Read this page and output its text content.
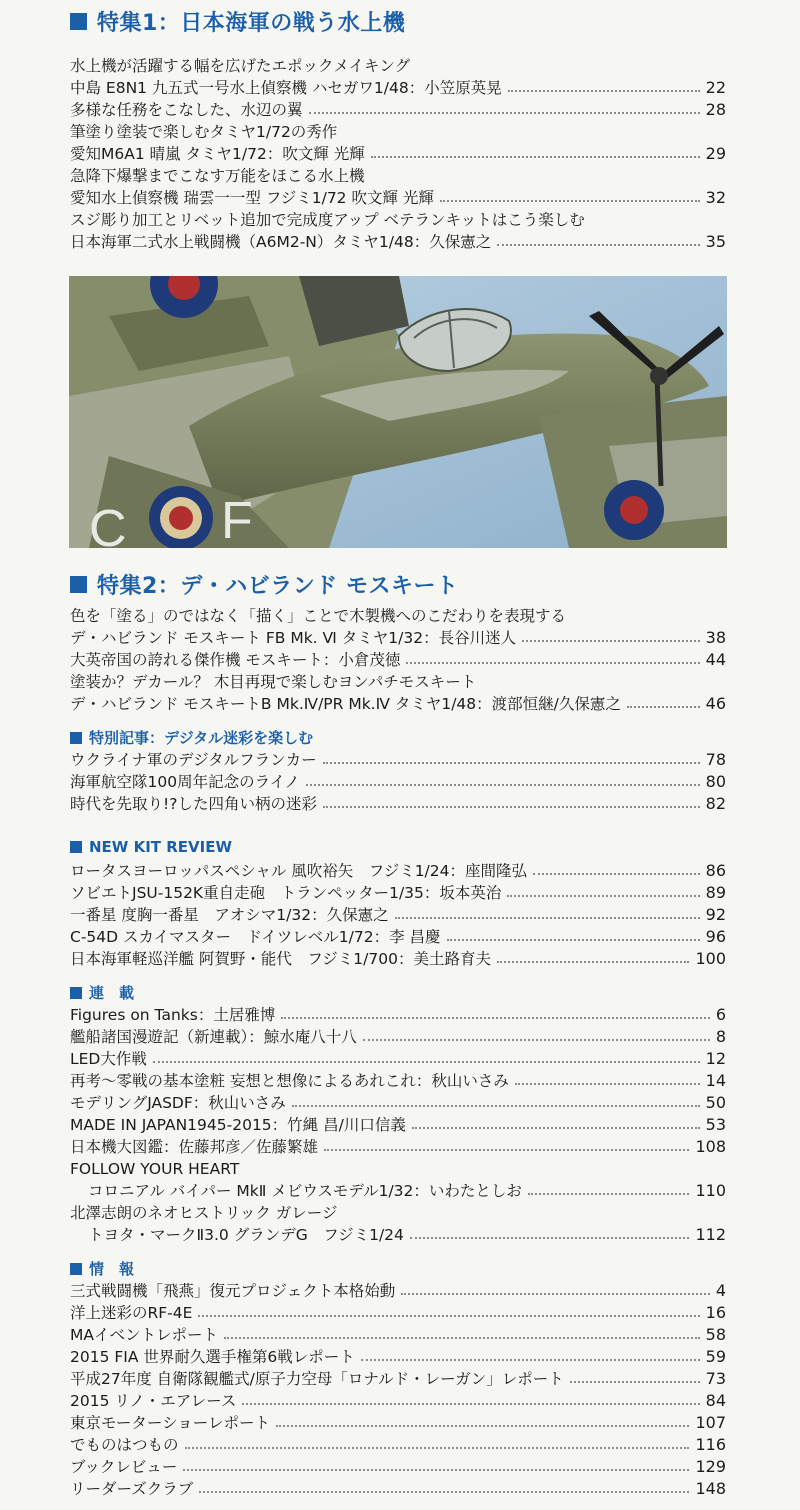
特集1：日本海軍の戦う水上機
水上機が活躍する幅を広げたエポックメイキング
中島 E8N1 九五式一号水上偵察機 ハセガワ1/48：小笠原英晃	22
多様な任務をこなした、水辺の翼	28
筆塗り塗装で楽しむタミヤ1/72の秀作
愛知M6A1 晴嵐 タミヤ1/72：吹文輝 光輝	29
急降下爆撃までこなす万能をほこる水上機
愛知水上偵察機 瑞雲一一型 フジミ1/72 吹文輝 光輝	32
スジ彫り加工とリベット追加で完成度アップ ベテランキットはこう楽しむ
日本海軍二式水上戦闘機（A6M2-N）タミヤ1/48：久保憲之	35
C F
特集2：デ・ハビランド モスキート
色を「塗る」のではなく「描く」ことで木製機へのこだわりを表現する
デ・ハビランド モスキート FB Mk. Ⅵ タミヤ1/32：長谷川迷人	38
大英帝国の誇れる傑作機 モスキート：小倉茂徳	44
塗装か？デカール？ 木目再現で楽しむヨンパチモスキート
デ・ハビランド モスキートB Mk.Ⅳ/PR Mk.Ⅳ タミヤ1/48：渡部恒継/久保憲之	46
特別記事：デジタル迷彩を楽しむ
ウクライナ軍のデジタルフランカー	78
海軍航空隊100周年記念のライノ	80
時代を先取り!?した四角い柄の迷彩	82
NEW KIT REVIEW
ロータスヨーロッパスペシャル 風吹裕矢　フジミ1/24：座間隆弘	86
ソビエトJSU-152K重自走砲　トランペッター1/35：坂本英治	89
一番星 度胸一番星　アオシマ1/32：久保憲之	92
C-54D スカイマスター　ドイツレベル1/72：李 昌慶	96
日本海軍軽巡洋艦 阿賀野・能代　フジミ1/700：美土路育夫	100
連　載
Figures on Tanks：土居雅博	6
艦船諸国漫遊記（新連載）：鯨水庵八十八	8
LED大作戦	12
再考～零戦の基本塗粧 妄想と想像によるあれこれ：秋山いさみ	14
モデリングJASDF：秋山いさみ	50
MADE IN JAPAN1945-2015：竹縄 昌/川口信義	53
日本機大図鑑：佐藤邦彦／佐藤繁雄	108
FOLLOW YOUR HEART
コロニアル バイパー MkⅡ メビウスモデル1/32：いわたとしお	110
北澤志朗のネオヒストリック ガレージ
トヨタ・マークⅡ3.0 グランデG　フジミ1/24	112
情　報
三式戦闘機「飛燕」復元プロジェクト本格始動	4
洋上迷彩のRF-4E	16
MAイベントレポート	58
2015 FIA 世界耐久選手権第6戦レポート	59
平成27年度 自衛隊観艦式/原子力空母「ロナルド・レーガン」レポート	73
2015 リノ・エアレース	84
東京モーターショーレポート	107
でものはつもの	116
ブックレビュー	129
リーダーズクラブ	148
